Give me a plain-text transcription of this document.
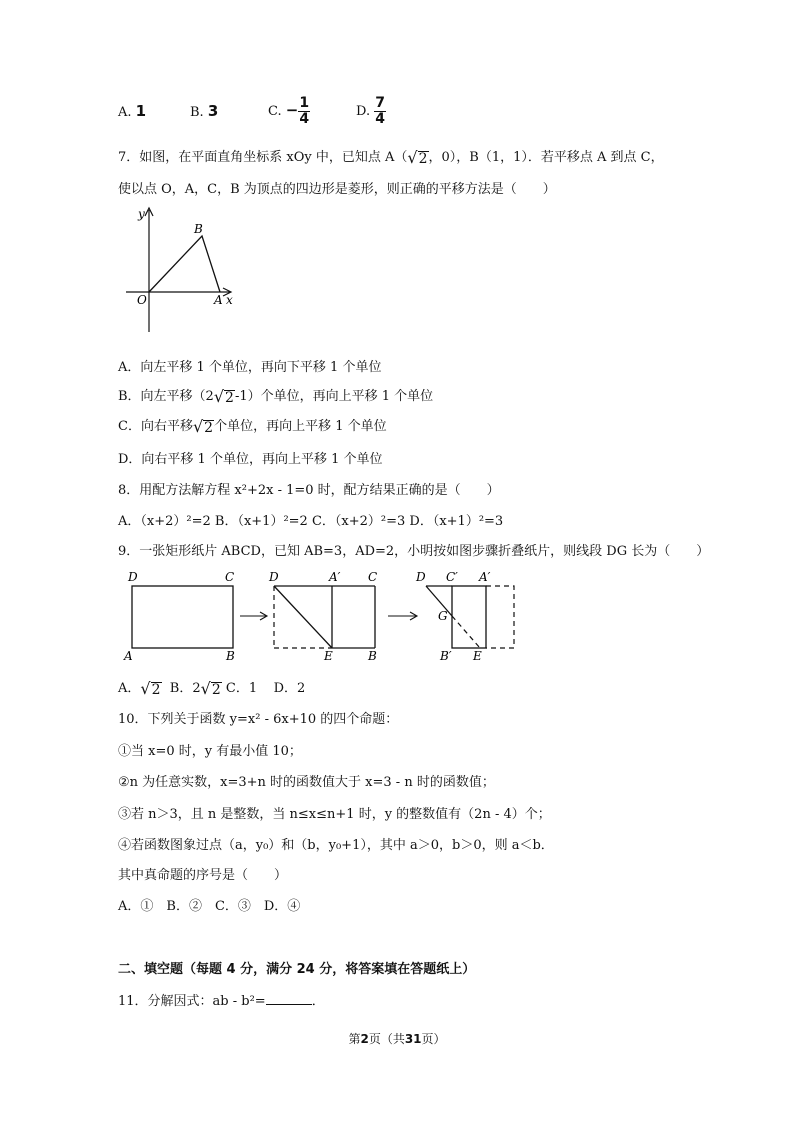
A. 1	B. 3	C. − $\frac{1}{4}$	D. $\frac{7}{4}$
7．如图，在平面直角坐标系 xOy 中，已知点 A（ √ 2 ，0），B（1，1）．若平移点 A 到点 C，
使以点 O，A，C，B 为顶点的四边形是菱形，则正确的平移方法是（　　）
y
B
O	A x
A．向左平移 1 个单位，再向下平移 1 个单位
B．向左平移（2 √ 2 -1）个单位，再向上平移 1 个单位
C．向右平移 √ 2 个单位，再向上平移 1 个单位
D．向右平移 1 个单位，再向上平移 1 个单位
8．用配方法解方程 x²+2x - 1=0 时，配方结果正确的是（　　）
A．（x+2）²=2 B．（x+1）²=2 C．（x+2）²=3 D．（x+1）²=3
9．一张矩形纸片 ABCD，已知 AB=3，AD=2，小明按如图步骤折叠纸片，则线段 DG 长为（　　）
D	C
A	B
D	A′ C
E	B
D C′ A′
G
B′ E
A． √ 2 B．2 √ 2 C．1 D．2
10．下列关于函数 y=x² - 6x+10 的四个命题：
①当 x=0 时，y 有最小值 10；
②n 为任意实数，x=3+n 时的函数值大于 x=3 - n 时的函数值；
③若 n＞3，且 n 是整数，当 n≤x≤n+1 时，y 的整数值有（2n - 4）个；
④若函数图象过点（a，y₀）和（b，y₀+1），其中 a＞0，b＞0，则 a＜b．
其中真命题的序号是（　　）
A．①　B．②　C．③　D．④
二、填空题（每题 4 分，满分 24 分，将答案填在答题纸上）
11．分解因式：ab - b²=	．
第2页（共31页）
